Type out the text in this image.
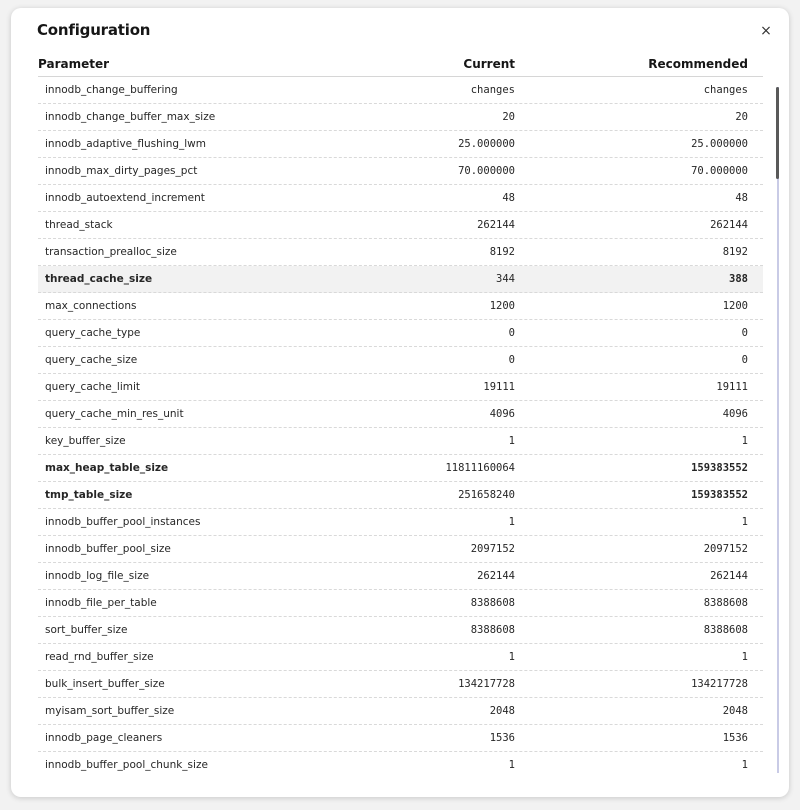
Configuration	×
Parameter	Current	Recommended
innodb_change_buffering	changes	changes
innodb_change_buffer_max_size	20	20
innodb_adaptive_flushing_lwm	25.000000	25.000000
innodb_max_dirty_pages_pct	70.000000	70.000000
innodb_autoextend_increment	48	48
thread_stack	262144	262144
transaction_prealloc_size	8192	8192
thread_cache_size	344	388
max_connections	1200	1200
query_cache_type	0	0
query_cache_size	0	0
query_cache_limit	19111	19111
query_cache_min_res_unit	4096	4096
key_buffer_size	1	1
max_heap_table_size	11811160064	159383552
tmp_table_size	251658240	159383552
innodb_buffer_pool_instances	1	1
innodb_buffer_pool_size	2097152	2097152
innodb_log_file_size	262144	262144
innodb_file_per_table	8388608	8388608
sort_buffer_size	8388608	8388608
read_rnd_buffer_size	1	1
bulk_insert_buffer_size	134217728	134217728
myisam_sort_buffer_size	2048	2048
innodb_page_cleaners	1536	1536
innodb_buffer_pool_chunk_size	1	1
